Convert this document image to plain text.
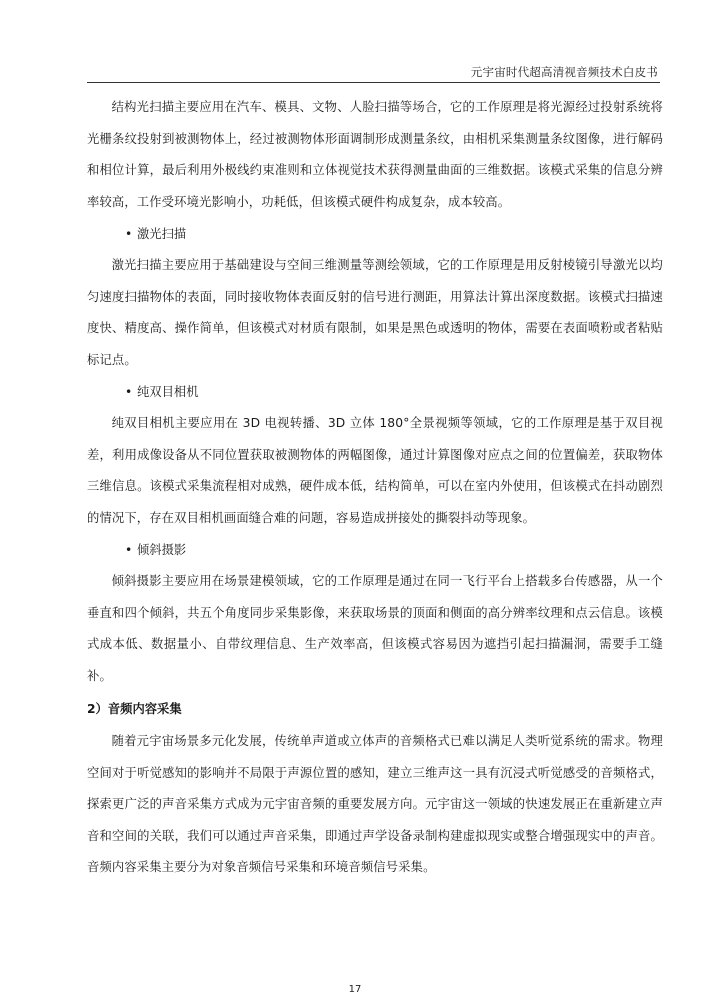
元宇宙时代超高清视音频技术白皮书

结构光扫描主要应用在汽车、模具、文物、人脸扫描等场合，它的工作原理是将光源经过投射系统将光栅条纹投射到被测物体上，经过被测物体形面调制形成测量条纹，由相机采集测量条纹图像，进行解码和相位计算，最后利用外极线约束准则和立体视觉技术获得测量曲面的三维数据。该模式采集的信息分辨率较高，工作受环境光影响小，功耗低，但该模式硬件构成复杂，成本较高。

• 激光扫描

激光扫描主要应用于基础建设与空间三维测量等测绘领域，它的工作原理是用反射棱镜引导激光以均匀速度扫描物体的表面，同时接收物体表面反射的信号进行测距，用算法计算出深度数据。该模式扫描速度快、精度高、操作简单，但该模式对材质有限制，如果是黑色或透明的物体，需要在表面喷粉或者粘贴标记点。

• 纯双目相机

纯双目相机主要应用在 3D 电视转播、3D 立体 180°全景视频等领域，它的工作原理是基于双目视差，利用成像设备从不同位置获取被测物体的两幅图像，通过计算图像对应点之间的位置偏差，获取物体三维信息。该模式采集流程相对成熟，硬件成本低，结构简单，可以在室内外使用，但该模式在抖动剧烈的情况下，存在双目相机画面缝合难的问题，容易造成拼接处的撕裂抖动等现象。

• 倾斜摄影

倾斜摄影主要应用在场景建模领域，它的工作原理是通过在同一飞行平台上搭载多台传感器，从一个垂直和四个倾斜，共五个角度同步采集影像，来获取场景的顶面和侧面的高分辨率纹理和点云信息。该模式成本低、数据量小、自带纹理信息、生产效率高，但该模式容易因为遮挡引起扫描漏洞，需要手工缝补。

2）音频内容采集

随着元宇宙场景多元化发展，传统单声道或立体声的音频格式已难以满足人类听觉系统的需求。物理空间对于听觉感知的影响并不局限于声源位置的感知，建立三维声这一具有沉浸式听觉感受的音频格式，探索更广泛的声音采集方式成为元宇宙音频的重要发展方向。元宇宙这一领域的快速发展正在重新建立声音和空间的关联，我们可以通过声音采集，即通过声学设备录制构建虚拟现实或整合增强现实中的声音。音频内容采集主要分为对象音频信号采集和环境音频信号采集。

17
